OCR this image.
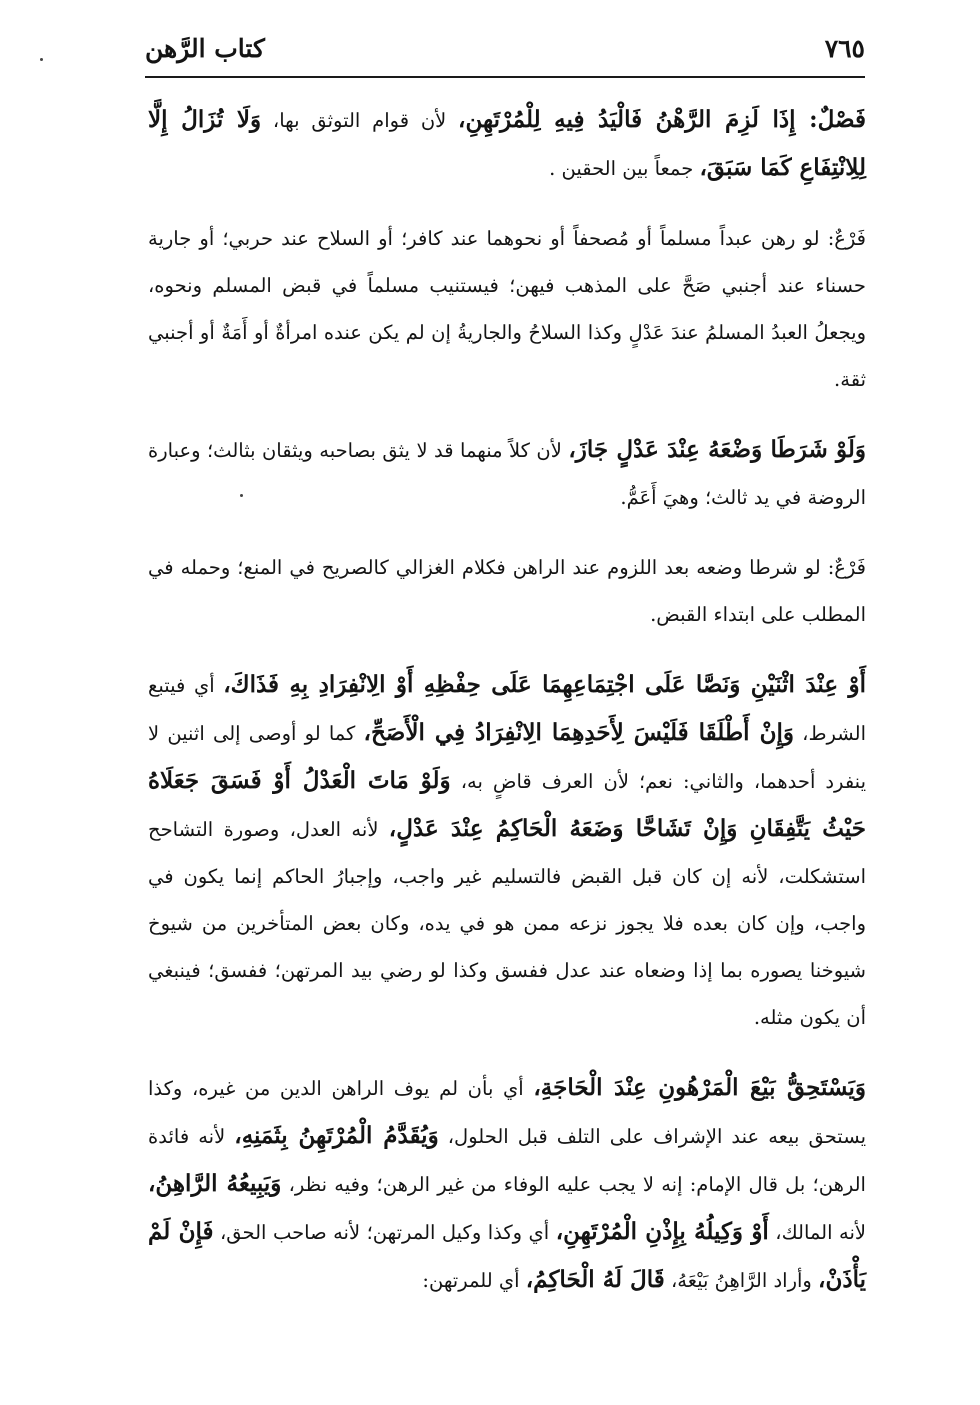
٧٦٥
كتاب الرَّهن

فَصْلٌ: إِذَا لَزِمَ الرَّهْنُ فَالْيَدُ فِيهِ لِلْمُرْتَهِنِ، لأن قوام التوثق بها، وَلَا تُزَالُ إِلَّا لِلِانْتِفَاعِ كَمَا سَبَقَ، جمعاً بين الحقين .

فَرْعٌ: لو رهن عبداً مسلماً أو مُصحفاً أو نحوهما عند كافر؛ أو السلاح عند حربي؛ أو جارية حسناء عند أجنبي صَحَّ على المذهب فيهن؛ فيستنيب مسلماً في قبض المسلم ونحوه، ويجعلُ العبدُ المسلمُ عندَ عَدْلٍ وكذا السلاحُ والجاريةُ إن لم يكن عنده امرأةٌ أو أَمَةٌ أو أجنبي ثقة.

وَلَوْ شَرَطَا وَضْعَهُ عِنْدَ عَدْلٍ جَازَ، لأن كلاً منهما قد لا يثق بصاحبه ويثقان بثالث؛ وعبارة الروضة في يد ثالث؛ وهيَ أَعَمُّ.

فَرْعٌ: لو شرطا وضعه بعد اللزوم عند الراهن فكلام الغزالي كالصريح في المنع؛ وحمله في المطلب على ابتداء القبض.

أَوْ عِنْدَ اثْنَيْنِ وَنَصَّا عَلَى اجْتِمَاعِهِمَا عَلَى حِفْظِهِ أَوْ الِانْفِرَادِ بِهِ فَذَاكَ، أي فيتبع الشرط، وَإِنْ أَطْلَقَا فَلَيْسَ لِأَحَدِهِمَا الِانْفِرَادُ فِي الْأَصَحِّ، كما لو أوصى إلى اثنين لا ينفرد أحدهما، والثاني: نعم؛ لأن العرف قاضٍ به، وَلَوْ مَاتَ الْعَدْلُ أَوْ فَسَقَ جَعَلَاهُ حَيْثُ يَتَّفِقَانِ وَإِنْ تَشَاحَّا وَضَعَهُ الْحَاكِمُ عِنْدَ عَدْلٍ، لأنه العدل، وصورة التشاحح استشكلت، لأنه إن كان قبل القبض فالتسليم غير واجب، وإجبارُ الحاكم إنما يكون في واجب، وإن كان بعده فلا يجوز نزعه ممن هو في يده، وكان بعض المتأخرين من شيوخ شيوخنا يصوره بما إذا وضعاه عند عدل ففسق وكذا لو رضي بيد المرتهن؛ ففسق؛ فينبغي أن يكون مثله.

وَيَسْتَحِقُّ بَيْعَ الْمَرْهُونِ عِنْدَ الْحَاجَةِ، أي بأن لم يوف الراهن الدين من غيره، وكذا يستحق بيعه عند الإشراف على التلف قبل الحلول، وَيُقَدَّمُ الْمُرْتَهِنُ بِثَمَنِهِ، لأنه فائدة الرهن؛ بل قال الإمام: إنه لا يجب عليه الوفاء من غير الرهن؛ وفيه نظر، وَيَبِيعُهُ الرَّاهِنُ، لأنه المالك، أَوْ وَكِيلُهُ بِإِذْنِ الْمُرْتَهِنِ، أي وكذا وكيل المرتهن؛ لأنه صاحب الحق، فَإِنْ لَمْ يَأْذَنْ، وأراد الرَّاهِنُ بَيْعَهُ، قَالَ لَهُ الْحَاكِمُ، أي للمرتهن:
